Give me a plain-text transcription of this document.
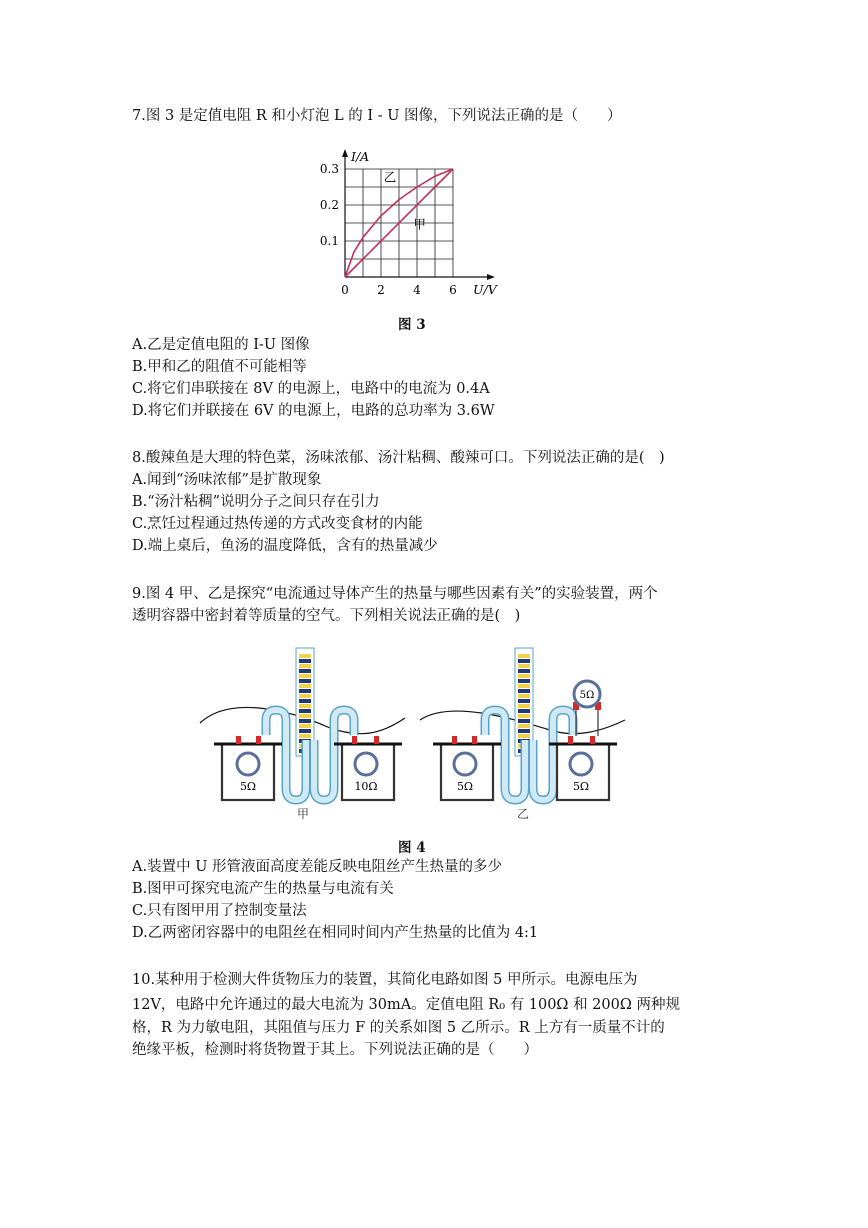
7.图 3 是定值电阻 R 和小灯泡 L 的 I - U 图像，下列说法正确的是（　　）
0 2 4 6
0.1
0.2
0.3
I/A
U/V
甲
乙
图 3
A.乙是定值电阻的 I-U 图像
B.甲和乙的阻值不可能相等
C.将它们串联接在 8V 的电源上，电路中的电流为 0.4A
D.将它们并联接在 6V 的电源上，电路的总功率为 3.6W
8.酸辣鱼是大理的特色菜，汤味浓郁、汤汁粘稠、酸辣可口。下列说法正确的是(　)
A.闻到“汤味浓郁”是扩散现象
B.“汤汁粘稠”说明分子之间只存在引力
C.烹饪过程通过热传递的方式改变食材的内能
D.端上桌后，鱼汤的温度降低，含有的热量减少
9.图 4 甲、乙是探究“电流通过导体产生的热量与哪些因素有关”的实验装置，两个
透明容器中密封着等质量的空气。下列相关说法正确的是(　)
5Ω	10Ω
甲
5Ω	5Ω
5Ω
乙
图 4
A.装置中 U 形管液面高度差能反映电阻丝产生热量的多少
B.图甲可探究电流产生的热量与电流有关
C.只有图甲用了控制变量法
D.乙两密闭容器中的电阻丝在相同时间内产生热量的比值为 4:1
10.某种用于检测大件货物压力的装置，其简化电路如图 5 甲所示。电源电压为
12V，电路中允许通过的最大电流为 30mA。定值电阻 R₀ 有 100Ω 和 200Ω 两种规
格，R 为力敏电阻，其阻值与压力 F 的关系如图 5 乙所示。R 上方有一质量不计的
绝缘平板，检测时将货物置于其上。下列说法正确的是（　　）
